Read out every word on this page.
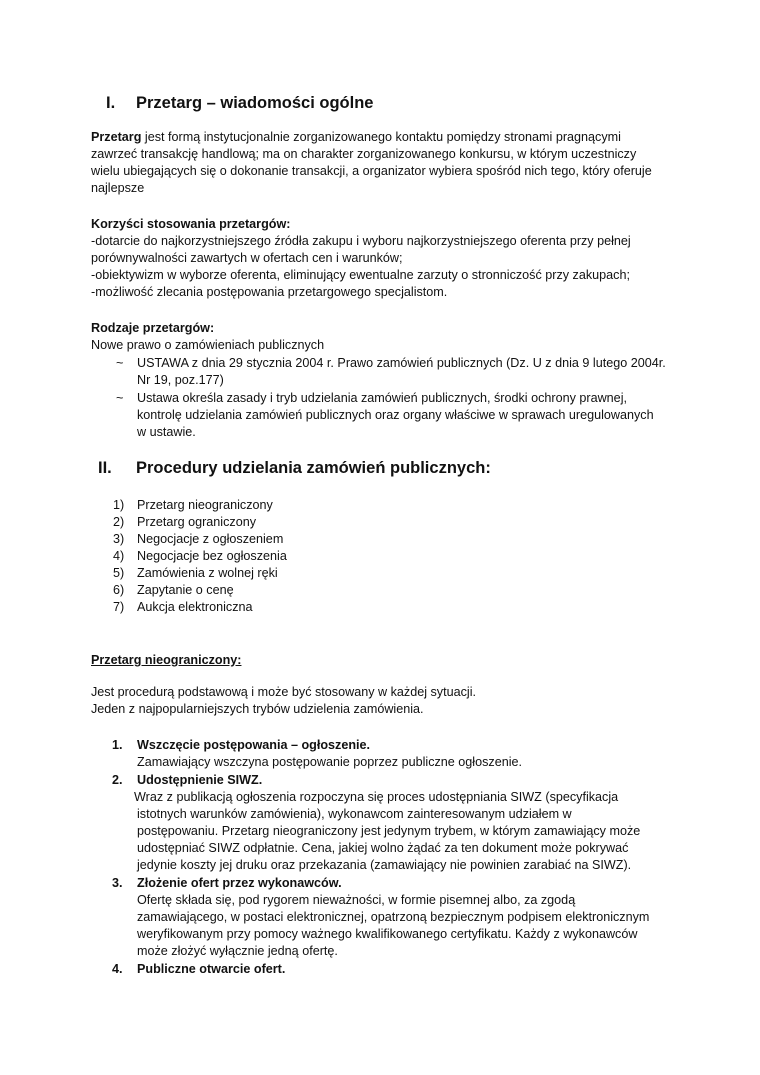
I. Przetarg – wiadomości ogólne
Przetarg jest formą instytucjonalnie zorganizowanego kontaktu pomiędzy stronami pragnącymi
zawrzeć transakcję handlową; ma on charakter zorganizowanego konkursu, w którym uczestniczy
wielu ubiegających się o dokonanie transakcji, a organizator wybiera spośród nich tego, który oferuje
najlepsze
Korzyści stosowania przetargów:
-dotarcie do najkorzystniejszego źródła zakupu i wyboru najkorzystniejszego oferenta przy pełnej
porównywalności zawartych w ofertach cen i warunków;
-obiektywizm w wyborze oferenta, eliminujący ewentualne zarzuty o stronniczość przy zakupach;
-możliwość zlecania postępowania przetargowego specjalistom.
Rodzaje przetargów:
Nowe prawo o zamówieniach publicznych
~ USTAWA z dnia 29 stycznia 2004 r. Prawo zamówień publicznych (Dz. U z dnia 9 lutego 2004r.
Nr 19, poz.177)
~ Ustawa określa zasady i tryb udzielania zamówień publicznych, środki ochrony prawnej,
kontrolę udzielania zamówień publicznych oraz organy właściwe w sprawach uregulowanych
w ustawie.
II. Procedury udzielania zamówień publicznych:
1) Przetarg nieograniczony
2) Przetarg ograniczony
3) Negocjacje z ogłoszeniem
4) Negocjacje bez ogłoszenia
5) Zamówienia z wolnej ręki
6) Zapytanie o cenę
7) Aukcja elektroniczna
Przetarg nieograniczony:
Jest procedurą podstawową i może być stosowany w każdej sytuacji.
Jeden z najpopularniejszych trybów udzielenia zamówienia.
1. Wszczęcie postępowania – ogłoszenie.
Zamawiający wszczyna postępowanie poprzez publiczne ogłoszenie.
2. Udostępnienie SIWZ.
Wraz z publikacją ogłoszenia rozpoczyna się proces udostępniania SIWZ (specyfikacja
istotnych warunków zamówienia), wykonawcom zainteresowanym udziałem w
postępowaniu. Przetarg nieograniczony jest jedynym trybem, w którym zamawiający może
udostępniać SIWZ odpłatnie. Cena, jakiej wolno żądać za ten dokument może pokrywać
jedynie koszty jej druku oraz przekazania (zamawiający nie powinien zarabiać na SIWZ).
3. Złożenie ofert przez wykonawców.
Ofertę składa się, pod rygorem nieważności, w formie pisemnej albo, za zgodą
zamawiającego, w postaci elektronicznej, opatrzoną bezpiecznym podpisem elektronicznym
weryfikowanym przy pomocy ważnego kwalifikowanego certyfikatu. Każdy z wykonawców
może złożyć wyłącznie jedną ofertę.
4. Publiczne otwarcie ofert.
